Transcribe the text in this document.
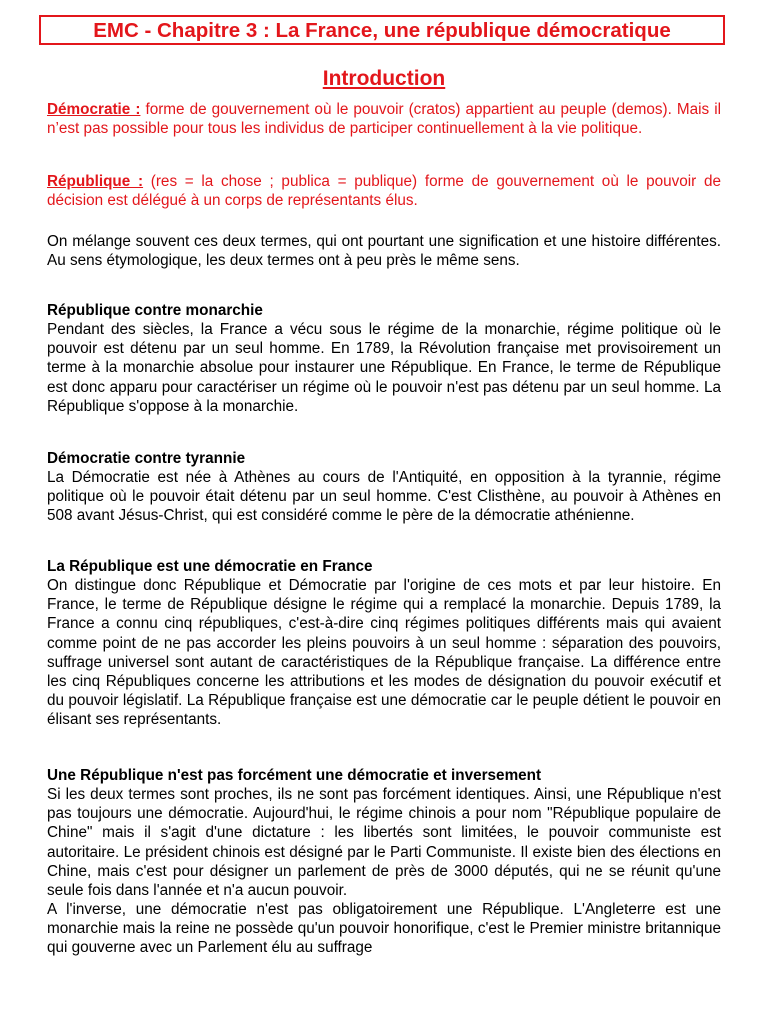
EMC - Chapitre 3 : La France, une république démocratique
Introduction
Démocratie : forme de gouvernement où le pouvoir (cratos) appartient au peuple (demos). Mais il n’est pas possible pour tous les individus de participer continuellement à la vie politique.
République : (res = la chose ; publica = publique) forme de gouvernement où le pouvoir de décision est délégué à un corps de représentants élus.
On mélange souvent ces deux termes, qui ont pourtant une signification et une histoire différentes. Au sens étymologique, les deux termes ont à peu près le même sens.
République contre monarchie
Pendant des siècles, la France a vécu sous le régime de la monarchie, régime politique où le pouvoir est détenu par un seul homme. En 1789, la Révolution française met provisoirement un terme à la monarchie absolue pour instaurer une République. En France, le terme de République est donc apparu pour caractériser un régime où le pouvoir n'est pas détenu par un seul homme. La République s'oppose à la monarchie.
Démocratie contre tyrannie
La Démocratie est née à Athènes au cours de l'Antiquité, en opposition à la tyrannie, régime politique où le pouvoir était détenu par un seul homme. C'est Clisthène, au pouvoir à Athènes en 508 avant Jésus-Christ, qui est considéré comme le père de la démocratie athénienne.
La République est une démocratie en France
On distingue donc République et Démocratie par l'origine de ces mots et par leur histoire. En France, le terme de République désigne le régime qui a remplacé la monarchie. Depuis 1789, la France a connu cinq républiques, c'est-à-dire cinq régimes politiques différents mais qui avaient comme point de ne pas accorder les pleins pouvoirs à un seul homme : séparation des pouvoirs, suffrage universel sont autant de caractéristiques de la République française. La différence entre les cinq Républiques concerne les attributions et les modes de désignation du pouvoir exécutif et du pouvoir législatif. La République française est une démocratie car le peuple détient le pouvoir en élisant ses représentants.
Une République n'est pas forcément une démocratie et inversement
Si les deux termes sont proches, ils ne sont pas forcément identiques. Ainsi, une République n'est pas toujours une démocratie. Aujourd'hui, le régime chinois a pour nom "République populaire de Chine" mais il s'agit d'une dictature : les libertés sont limitées, le pouvoir communiste est autoritaire. Le président chinois est désigné par le Parti Communiste. Il existe bien des élections en Chine, mais c'est pour désigner un parlement de près de 3000 députés, qui ne se réunit qu'une seule fois dans l'année et n'a aucun pouvoir.
A l'inverse, une démocratie n'est pas obligatoirement une République. L'Angleterre est une monarchie mais la reine ne possède qu'un pouvoir honorifique, c'est le Premier ministre britannique qui gouverne avec un Parlement élu au suffrage
